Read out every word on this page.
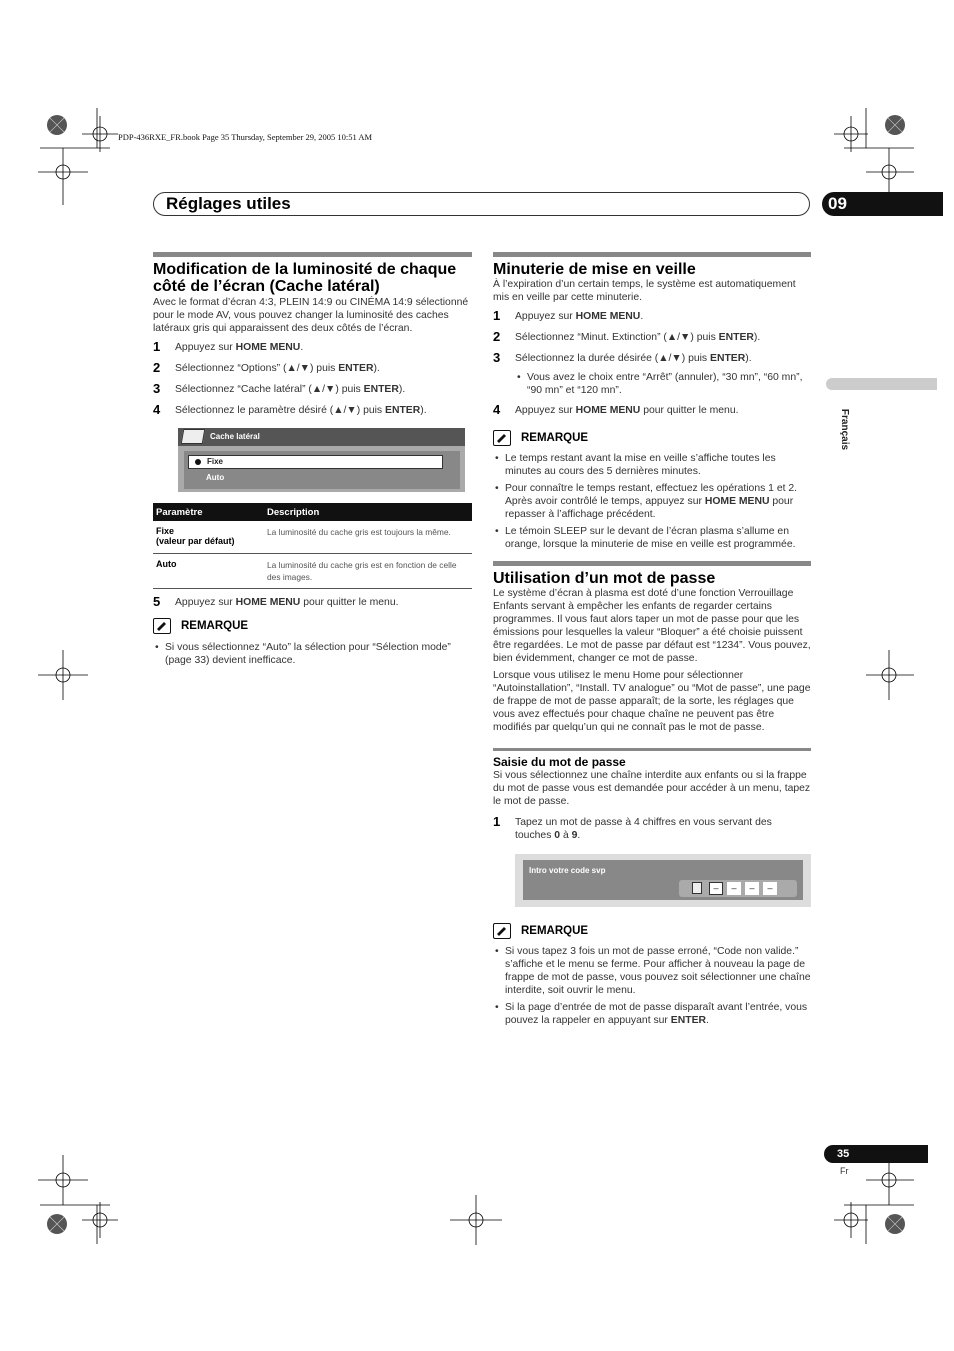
PDP-436RXE_FR.book Page 35 Thursday, September 29, 2005 10:51 AM
Réglages utiles	09
Français
Modification de la luminosité de chaque côté de l’écran (Cache latéral)

Avec le format d’écran 4:3, PLEIN 14:9 ou CINÉMA 14:9 sélectionné pour le mode AV, vous pouvez changer la luminosité des caches latéraux gris qui apparaissent des deux côtés de l’écran.

1 Appuyez sur HOME MENU.
2 Sélectionnez “Options” (▲/▼) puis ENTER).
3 Sélectionnez “Cache latéral” (▲/▼) puis ENTER).
4 Sélectionnez le paramètre désiré (▲/▼) puis ENTER).
Cache latéral
Fixe
Auto
Paramètre	Description
Fixe
(valeur par défaut)	La luminosité du cache gris est toujours la même.
Auto	La luminosité du cache gris est en fonction de celle des images.
5 Appuyez sur HOME MENU pour quitter le menu.
REMARQUE
• Si vous sélectionnez “Auto” la sélection pour “Sélection mode” (page 33) devient inefficace.
Minuterie de mise en veille

À l’expiration d’un certain temps, le système est automatiquement mis en veille par cette minuterie.

1 Appuyez sur HOME MENU.
2 Sélectionnez “Minut. Extinction” (▲/▼) puis ENTER).
3 Sélectionnez la durée désirée (▲/▼) puis ENTER).
• Vous avez le choix entre “Arrêt” (annuler), “30 mn”, “60 mn”, “90 mn” et “120 mn”.
4 Appuyez sur HOME MENU pour quitter le menu.
REMARQUE
• Le temps restant avant la mise en veille s’affiche toutes les minutes au cours des 5 dernières minutes.
• Pour connaître le temps restant, effectuez les opérations 1 et 2. Après avoir contrôlé le temps, appuyez sur HOME MENU pour repasser à l’affichage précédent.
• Le témoin SLEEP sur le devant de l’écran plasma s’allume en orange, lorsque la minuterie de mise en veille est programmée.
Utilisation d’un mot de passe

Le système d’écran à plasma est doté d’une fonction Verrouillage Enfants servant à empêcher les enfants de regarder certains programmes. Il vous faut alors taper un mot de passe pour que les émissions pour lesquelles la valeur “Bloquer” a été choisie puissent être regardées. Le mot de passe par défaut est “1234”. Vous pouvez, bien évidemment, changer ce mot de passe.

Lorsque vous utilisez le menu Home pour sélectionner “Autoinstallation”, “Install. TV analogue” ou “Mot de passe”, une page de frappe de mot de passe apparaît; de la sorte, les réglages que vous avez effectués pour chaque chaîne ne peuvent pas être modifiés par quelqu’un qui ne connaît pas le mot de passe.

Saisie du mot de passe

Si vous sélectionnez une chaîne interdite aux enfants ou si la frappe du mot de passe vous est demandée pour accéder à un menu, tapez le mot de passe.

1 Tapez un mot de passe à 4 chiffres en vous servant des touches 0 à 9.
Intro votre code svp
–	–	–	–
REMARQUE
• Si vous tapez 3 fois un mot de passe erroné, “Code non valide.” s’affiche et le menu se ferme. Pour afficher à nouveau la page de frappe de mot de passe, vous pouvez soit sélectionner une chaîne interdite, soit ouvrir le menu.
• Si la page d’entrée de mot de passe disparaît avant l’entrée, vous pouvez la rappeler en appuyant sur ENTER.
35
Fr
